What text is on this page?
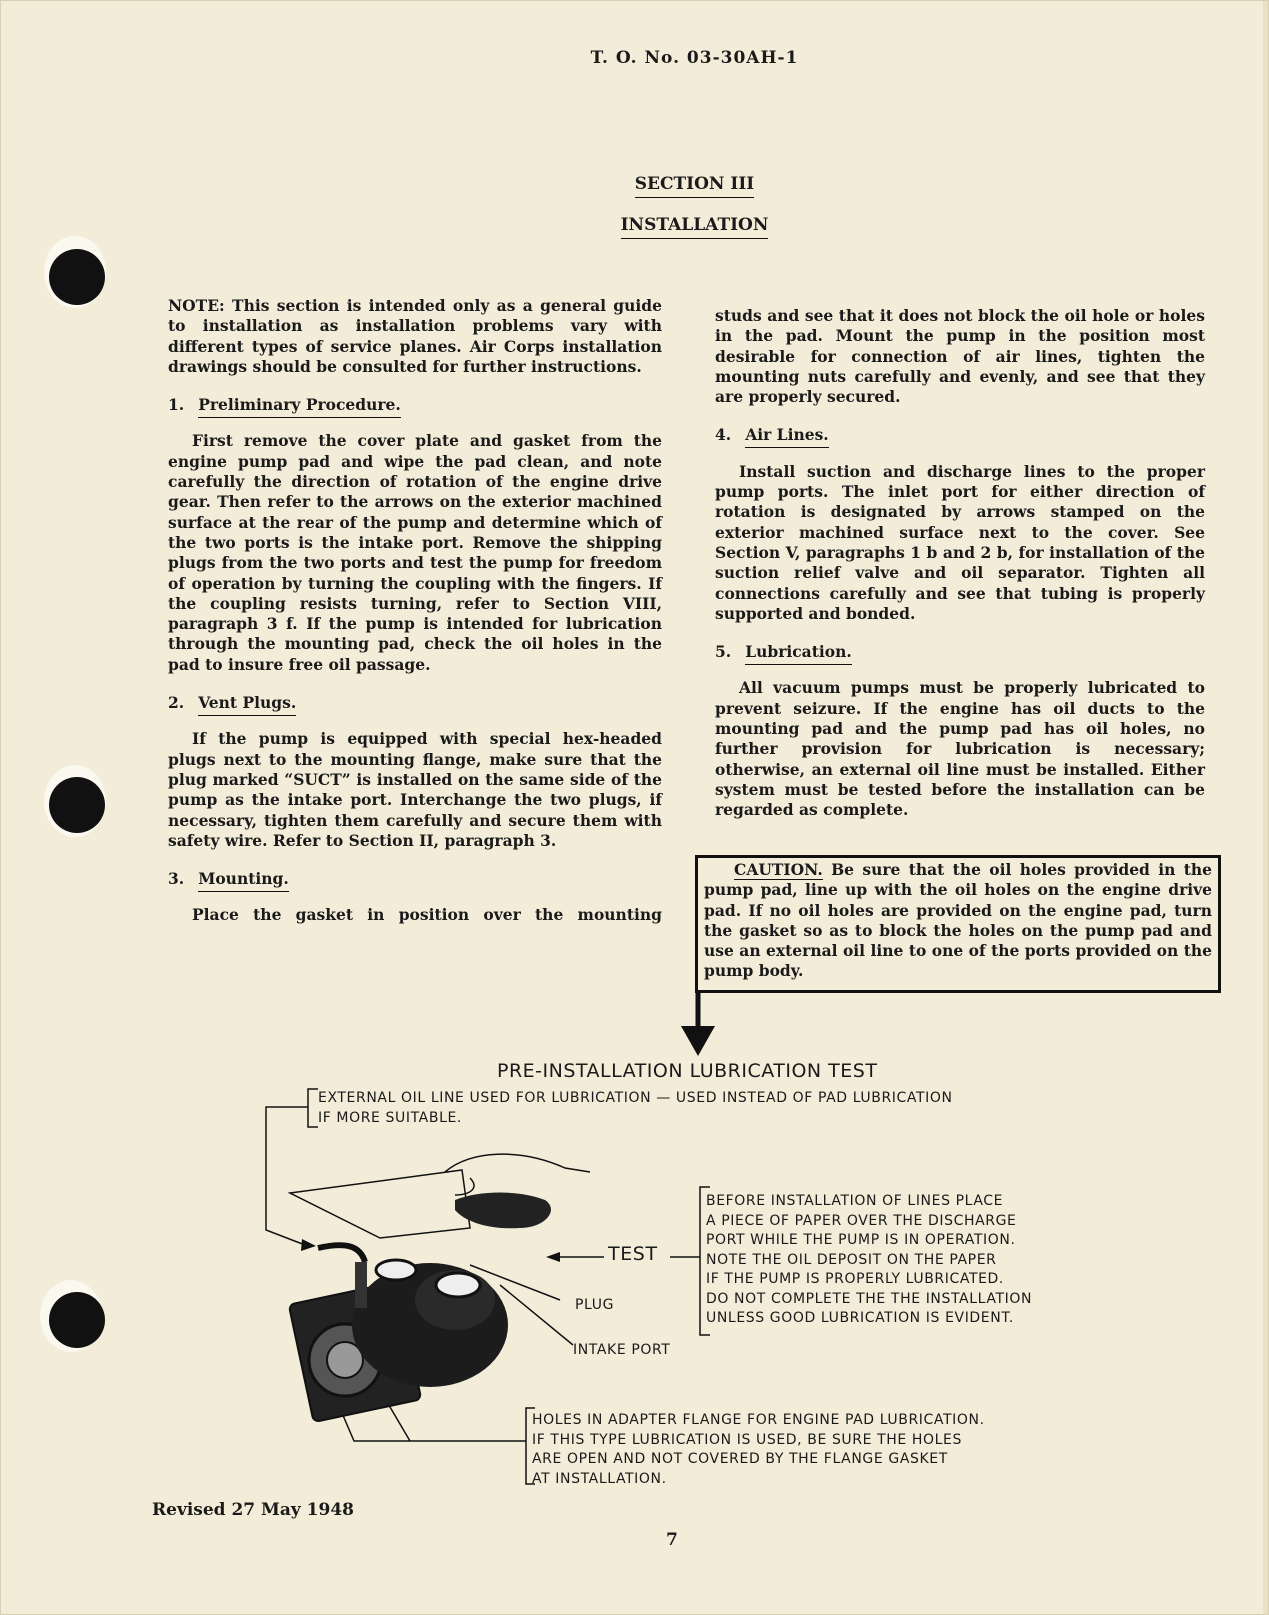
T. O. No. 03-30AH-1
SECTION III
INSTALLATION

NOTE: This section is intended only as a general guide to installation as installation problems vary with different types of service planes. Air Corps installation drawings should be consulted for further instructions.

1. Preliminary Procedure.

First remove the cover plate and gasket from the engine pump pad and wipe the pad clean, and note carefully the direction of rotation of the engine drive gear. Then refer to the arrows on the exterior machined surface at the rear of the pump and determine which of the two ports is the intake port. Remove the shipping plugs from the two ports and test the pump for freedom of operation by turning the coupling with the fingers. If the coupling resists turning, refer to Section VIII, paragraph 3 f. If the pump is intended for lubrication through the mounting pad, check the oil holes in the pad to insure free oil passage.

2. Vent Plugs.

If the pump is equipped with special hex-headed plugs next to the mounting flange, make sure that the plug marked “SUCT” is installed on the same side of the pump as the intake port. Interchange the two plugs, if necessary, tighten them carefully and secure them with safety wire. Refer to Section II, paragraph 3.

3. Mounting.

Place the gasket in position over the mounting

studs and see that it does not block the oil hole or holes in the pad. Mount the pump in the position most desirable for connection of air lines, tighten the mounting nuts carefully and evenly, and see that they are properly secured.

4. Air Lines.

Install suction and discharge lines to the proper pump ports. The inlet port for either direction of rotation is designated by arrows stamped on the exterior machined surface next to the cover. See Section V, paragraphs 1 b and 2 b, for installation of the suction relief valve and oil separator. Tighten all connections carefully and see that tubing is properly supported and bonded.

5. Lubrication.

All vacuum pumps must be properly lubricated to prevent seizure. If the engine has oil ducts to the mounting pad and the pump pad has oil holes, no further provision for lubrication is necessary; otherwise, an external oil line must be installed. Either system must be tested before the installation can be regarded as complete.

CAUTION. Be sure that the oil holes provided in the pump pad, line up with the oil holes on the engine drive pad. If no oil holes are provided on the engine pad, turn the gasket so as to block the holes on the pump pad and use an external oil line to one of the ports provided on the pump body.
PRE-INSTALLATION LUBRICATION TEST
EXTERNAL OIL LINE USED FOR LUBRICATION — USED INSTEAD OF PAD LUBRICATION
IF MORE SUITABLE.
TEST
BEFORE INSTALLATION OF LINES PLACE
A PIECE OF PAPER OVER THE DISCHARGE
PORT WHILE THE PUMP IS IN OPERATION.
NOTE THE OIL DEPOSIT ON THE PAPER
IF THE PUMP IS PROPERLY LUBRICATED.
DO NOT COMPLETE THE THE INSTALLATION
UNLESS GOOD LUBRICATION IS EVIDENT.
PLUG
INTAKE PORT
HOLES IN ADAPTER FLANGE FOR ENGINE PAD LUBRICATION.
IF THIS TYPE LUBRICATION IS USED, BE SURE THE HOLES
ARE OPEN AND NOT COVERED BY THE FLANGE GASKET
AT INSTALLATION.
Revised 27 May 1948
7
